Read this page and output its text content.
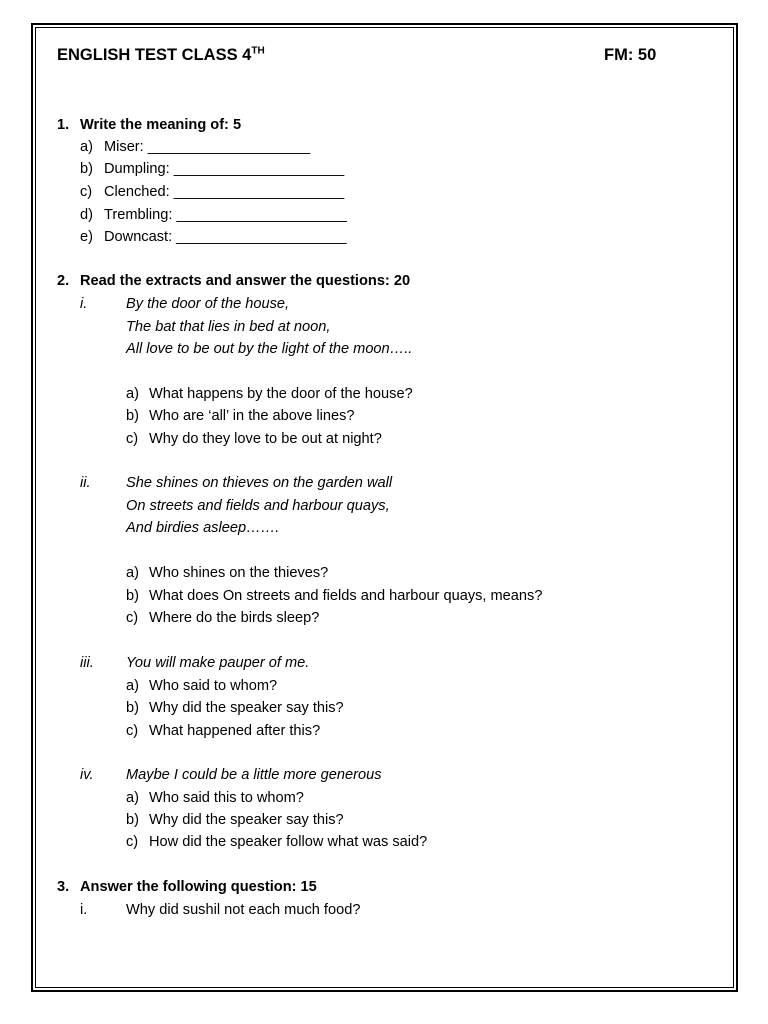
ENGLISH TEST CLASS 4TH	FM: 50
1. Write the meaning of: 5
a) Miser: ____________________
b) Dumpling: _____________________
c) Clenched: _____________________
d) Trembling: _____________________
e) Downcast: _____________________
2. Read the extracts and answer the questions: 20
i.	By the door of the house,
The bat that lies in bed at noon,
All love to be out by the light of the moon…..
a) What happens by the door of the house?
b) Who are ‘all’ in the above lines?
c) Why do they love to be out at night?
ii. She shines on thieves on the garden wall
On streets and fields and harbour quays,
And birdies asleep…….
a) Who shines on the thieves?
b) What does On streets and fields and harbour quays, means?
c) Where do the birds sleep?
iii. You will make pauper of me.
a) Who said to whom?
b) Why did the speaker say this?
c) What happened after this?
iv. Maybe I could be a little more generous
a) Who said this to whom?
b) Why did the speaker say this?
c) How did the speaker follow what was said?
3. Answer the following question: 15
i.	Why did sushil not each much food?
